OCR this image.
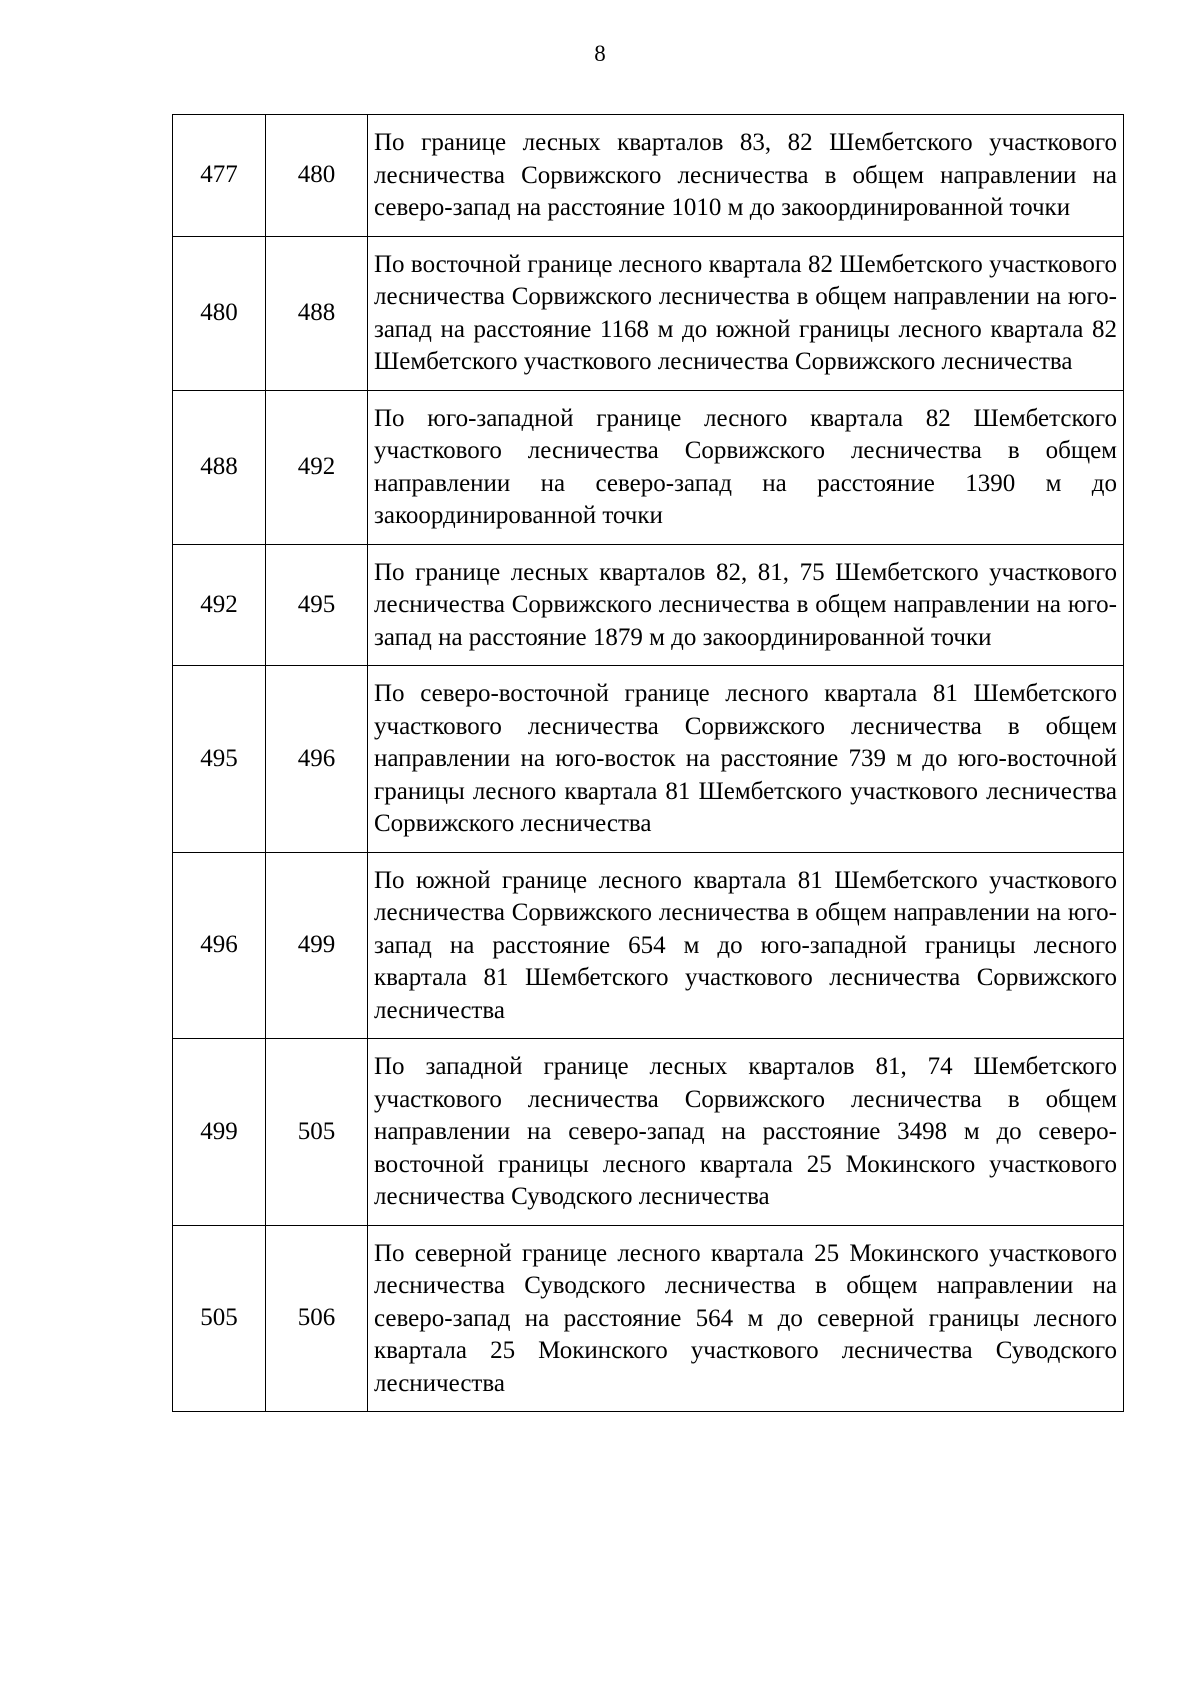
8
477	480	По границе лесных кварталов 83, 82 Шембетского участкового лесничества Сорвижского лесничества в общем направлении на северо-запад на расстояние 1010 м до закоординированной точки
480	488	По восточной границе лесного квартала 82 Шембетского участкового лесничества Сорвижского лесничества в общем направлении на юго-запад на расстояние 1168 м до южной границы лесного квартала 82 Шембетского участкового лесничества Сорвижского лесничества
488	492	По юго-западной границе лесного квартала 82 Шембетского участкового лесничества Сорвижского лесничества в общем направлении на северо-запад на расстояние 1390 м до закоординированной точки
492	495	По границе лесных кварталов 82, 81, 75 Шембетского участкового лесничества Сорвижского лесничества в общем направлении на юго-запад на расстояние 1879 м до закоординированной точки
495	496	По северо-восточной границе лесного квартала 81 Шембетского участкового лесничества Сорвижского лесничества в общем направлении на юго-восток на расстояние 739 м до юго-восточной границы лесного квартала 81 Шембетского участкового лесничества Сорвижского лесничества
496	499	По южной границе лесного квартала 81 Шембетского участкового лесничества Сорвижского лесничества в общем направлении на юго-запад на расстояние 654 м до юго-западной границы лесного квартала 81 Шембетского участкового лесничества Сорвижского лесничества
499	505	По западной границе лесных кварталов 81, 74 Шембетского участкового лесничества Сорвижского лесничества в общем направлении на северо-запад на расстояние 3498 м до северо-восточной границы лесного квартала 25 Мокинского участкового лесничества Суводского лесничества
505	506	По северной границе лесного квартала 25 Мокинского участкового лесничества Суводского лесничества в общем направлении на северо-запад на расстояние 564 м до северной границы лесного квартала 25 Мокинского участкового лесничества Суводского лесничества
